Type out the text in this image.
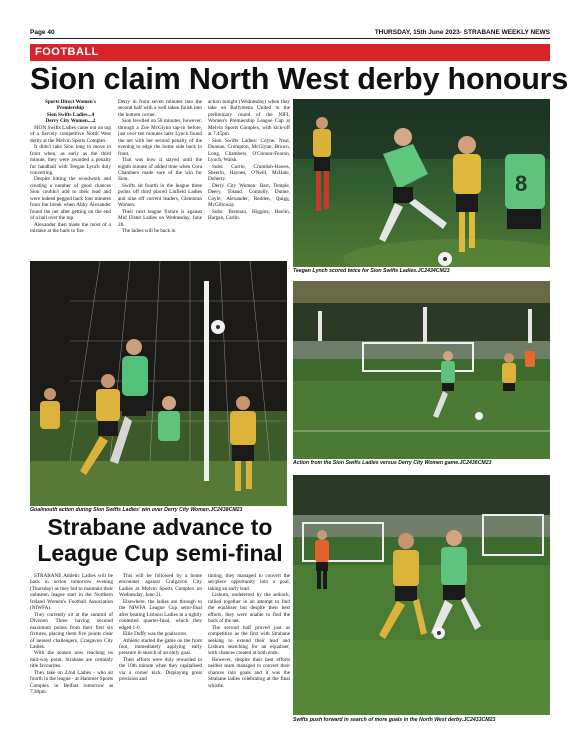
Page 40	THURSDAY, 15th June 2023- STRABANE WEEKLY NEWS
FOOTBALL
Sion claim North West derby honours

Sports Direct Women's

Premiership

Sion Swifts Ladies...4

Derry City Women....2

SION Swifts Ladies came out on top of a fiercely competitive North West derby at the Melvin Sports Complex.

It didn't take Sion long to move in front when, as early as the third minute, they were awarded a penalty for handball with Teegan Lynch duly converting.

Despite hitting the woodwork and creating a number of good chances Sion couldn't add to their lead and were indeed pegged back four minutes from the break when Abby Alexander found the net after getting on the end of a ball over the top.

Alexander then made the most of a mistake at the back to fire

Derry in front seven minutes into the second half with a well taken finish into the bottom corner.

Sion levelled on 58 minutes, however, through a Zoe McGlynn tap-in before, just over ten minutes later Lynch found the net with her second penalty of the evening to edge the home side back in front.

That was how it stayed until the eighth minute of added time when Cora Chambers made sure of the win for Sion.

Swifts sit fourth in the league three points off third placed Linfield Ladies and nine off current leaders, Glentoran Women.

Their next league fixture is against Mid Ulster Ladies on Wednesday, June 28.

The ladies will be back in

action tonight (Wednesday) when they take on Ballymena United in the preliminary round of the NIFL Women's Premiership League Cup at Melvin Sports Complex, with kick-off at 7.45pm.

Sion Swifts Ladies: Coyne, Neal, Dunnan, Crompton, McGlynn, Brown, Long, Chambers, O'Connor-Fearon, Lynch, Walsh.

Subs: Currie, Crumlish-Hawes, Sheerin, Haynes, O'Neill, McHale, Doherty.

Derry City Women: Barr, Temple, Deery, Toland, Connolly, Dunne, Coyle, Alexander, Redden, Quigg, McGilloway.

Subs: Brennan, Higgins, Havlin, Hargan, Carlin.

8
Teegan Lynch scored twice for Sion Swifts Ladies.JC2434CM23
Goalmouth action during Sion Swifts Ladies' win over Derry City Women.JC2438CM23
Action from the Sion Swifts Ladies versus Derry City Women game.JC2436CM23
Strabane advance to
League Cup semi-final

STRABANE Athletic Ladies will be back in action tomorrow evening (Thursday) as they bid to maintain their unbeaten league start in the Northern Ireland Women's Football Association (NIWFA).

They currently sit at the summit of Division Three having secured maximum points from their first six fixtures, placing them five points clear of nearest challengers, Craigavon City Ladies.

With the season now reaching its mid-way point, Strabane are certainly title favourites.

They take on 22nd Ladies - who sit fourth in the league - at Hammer Sports Complex in Belfast tomorrow at 7.30pm.

This will be followed by a home encounter against Craigavon City Ladies at Melvin Sports Complex on Wednesday, June 21.

Elsewhere, the ladies are through to the NIWFA League Cup semi-final after beating Lisburn Ladies in a tightly contested quarter-final, which they edged 1-0.

Ellie Duffy was the goalscorer.

Athletic started the game on the front foot, immediately applying early pressure in search of an early goal.

Their efforts were duly rewarded in the 10th minute when they capitalised via a corner kick. Displaying great precision and

timing, they managed to convert the set-piece opportunity into a goal, taking an early lead.

Lisburn, undeterred by the setback, rallied together in an attempt to find the equaliser but despite their best efforts, they were unable to find the back of the net.

The second half proved just as competitive as the first with Strabane seeking to extend their lead and Lisburn searching for an equaliser, with chances created at both ends.

However, despite their best efforts neither team managed to convert their chances into goals and it was the Strabane ladies celebrating at the final whistle.

Swifts push forward in search of more goals in the North West derby.JC2433CM23
